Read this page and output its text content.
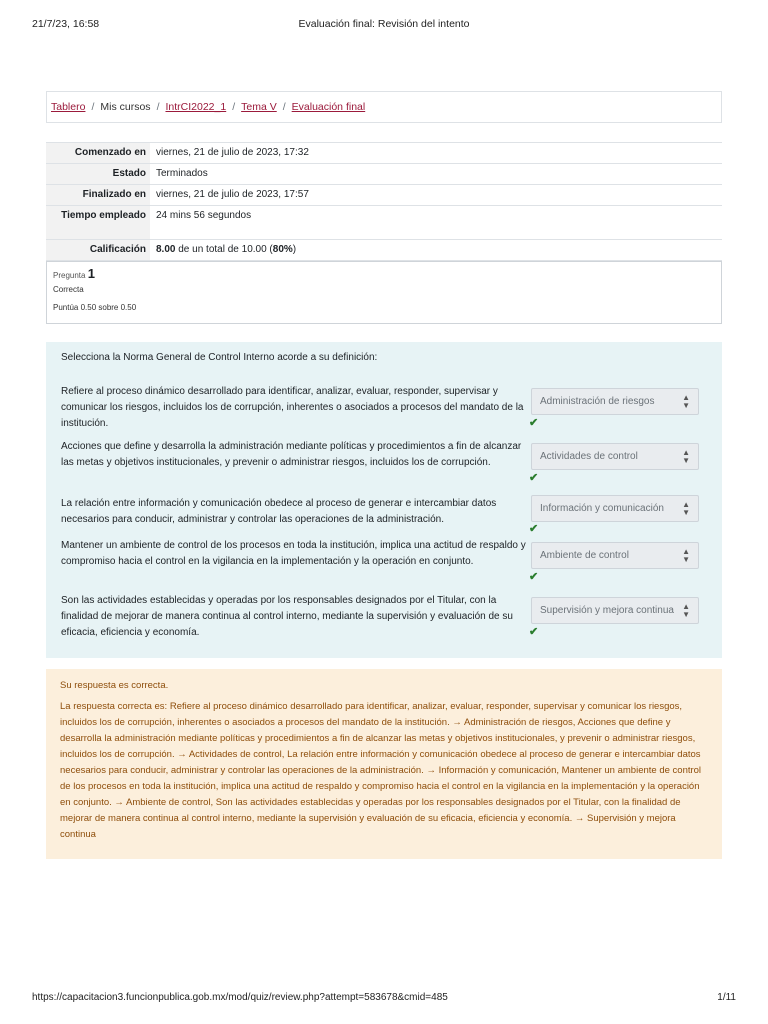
21/7/23, 16:58	Evaluación final: Revisión del intento
Tablero / Mis cursos / IntrCI2022_1 / Tema V / Evaluación final
Comenzado en	viernes, 21 de julio de 2023, 17:32
Estado	Terminados
Finalizado en	viernes, 21 de julio de 2023, 17:57
Tiempo empleado	24 mins 56 segundos
Calificación	8.00 de un total de 10.00 (80%)
Pregunta 1
Correcta
Puntúa 0.50 sobre 0.50
Selecciona la Norma General de Control Interno acorde a su definición:
Refiere al proceso dinámico desarrollado para identificar, analizar, evaluar, responder, supervisar y comunicar los riesgos, incluidos los de corrupción, inherentes o asociados a procesos del mandato de la institución.
Administración de riesgos	▲
▼
✔
Acciones que define y desarrolla la administración mediante políticas y procedimientos a fin de alcanzar las metas y objetivos institucionales, y prevenir o administrar riesgos, incluidos los de corrupción.
Actividades de control	▲
▼
✔
La relación entre información y comunicación obedece al proceso de generar e intercambiar datos necesarios para conducir, administrar y controlar las operaciones de la administración.
Información y comunicación ▲
▼
✔
Mantener un ambiente de control de los procesos en toda la institución, implica una actitud de respaldo y compromiso hacia el control en la vigilancia en la implementación y la operación en conjunto.
Ambiente de control	▲
▼
✔
Son las actividades establecidas y operadas por los responsables designados por el Titular, con la finalidad de mejorar de manera continua al control interno, mediante la supervisión y evaluación de su eficacia, eficiencia y economía.
Supervisión y mejora continua ▲
▼
✔
Su respuesta es correcta.
La respuesta correcta es: Refiere al proceso dinámico desarrollado para identificar, analizar, evaluar, responder, supervisar y comunicar los riesgos, incluidos los de corrupción, inherentes o asociados a procesos del mandato de la institución. → Administración de riesgos, Acciones que define y desarrolla la administración mediante políticas y procedimientos a fin de alcanzar las metas y objetivos institucionales, y prevenir o administrar riesgos, incluidos los de corrupción. → Actividades de control, La relación entre información y comunicación obedece al proceso de generar e intercambiar datos necesarios para conducir, administrar y controlar las operaciones de la administración. → Información y comunicación, Mantener un ambiente de control de los procesos en toda la institución, implica una actitud de respaldo y compromiso hacia el control en la vigilancia en la implementación y la operación en conjunto. → Ambiente de control, Son las actividades establecidas y operadas por los responsables designados por el Titular, con la finalidad de mejorar de manera continua al control interno, mediante la supervisión y evaluación de su eficacia, eficiencia y economía. → Supervisión y mejora continua
https://capacitacion3.funcionpublica.gob.mx/mod/quiz/review.php?attempt=583678&cmid=485	1/11
